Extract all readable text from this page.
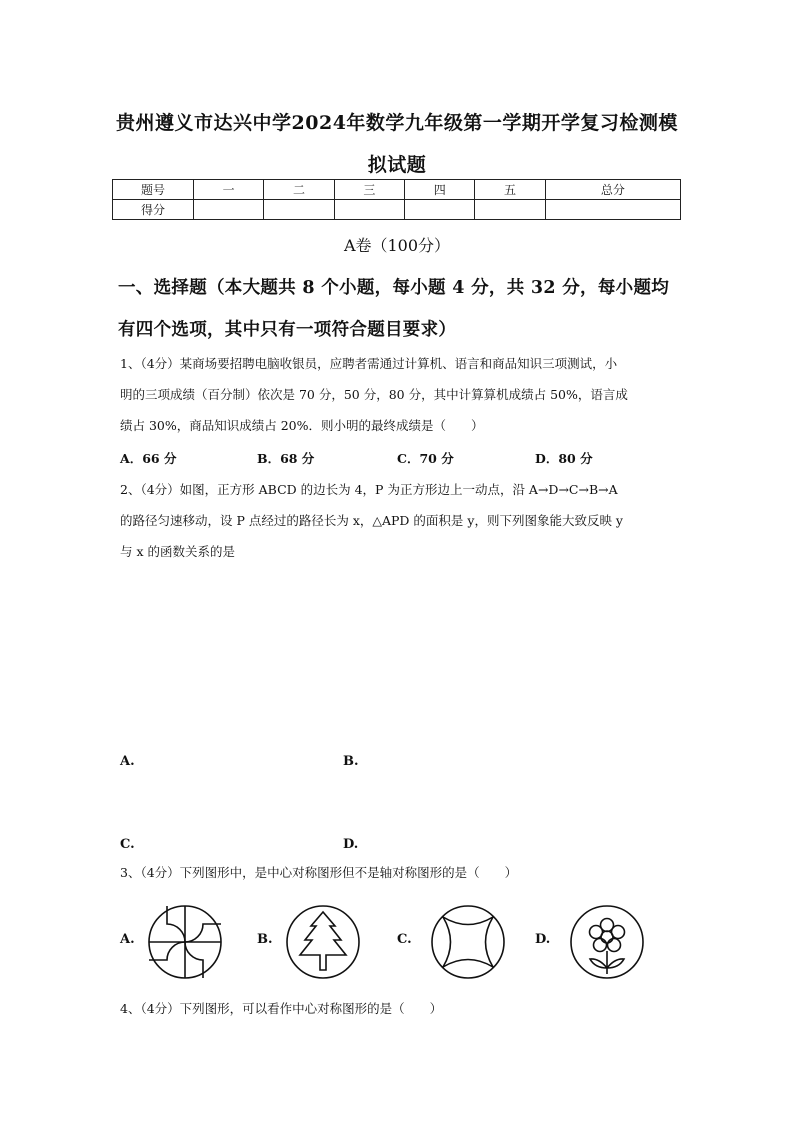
贵州遵义市达兴中学2024年数学九年级第一学期开学复习检测模
拟试题
题号	一	二	三	四	五	总分
得分						
A卷（100分）
一、选择题（本大题共 8 个小题，每小题 4 分，共 32 分，每小题均
有四个选项，其中只有一项符合题目要求）
1、（4分）某商场要招聘电脑收银员，应聘者需通过计算机、语言和商品知识三项测试，小
明的三项成绩（百分制）依次是 70 分，50 分，80 分，其中计算算机成绩占 50%，语言成
绩占 30%，商品知识成绩占 20%．则小明的最终成绩是（　　）
A．66 分	B．68 分	C．70 分	D．80 分
2、（4分）如图，正方形 ABCD 的边长为 4，P 为正方形边上一动点，沿 A→D→C→B→A
的路径匀速移动，设 P 点经过的路径长为 x，△APD 的面积是 y，则下列图象能大致反映 y
与 x 的函数关系的是
A.	B.
C.	D.
3、（4分）下列图形中，是中心对称图形但不是轴对称图形的是（　　）
A.	B.	C.	D.
4、（4分）下列图形，可以看作中心对称图形的是（　　）
